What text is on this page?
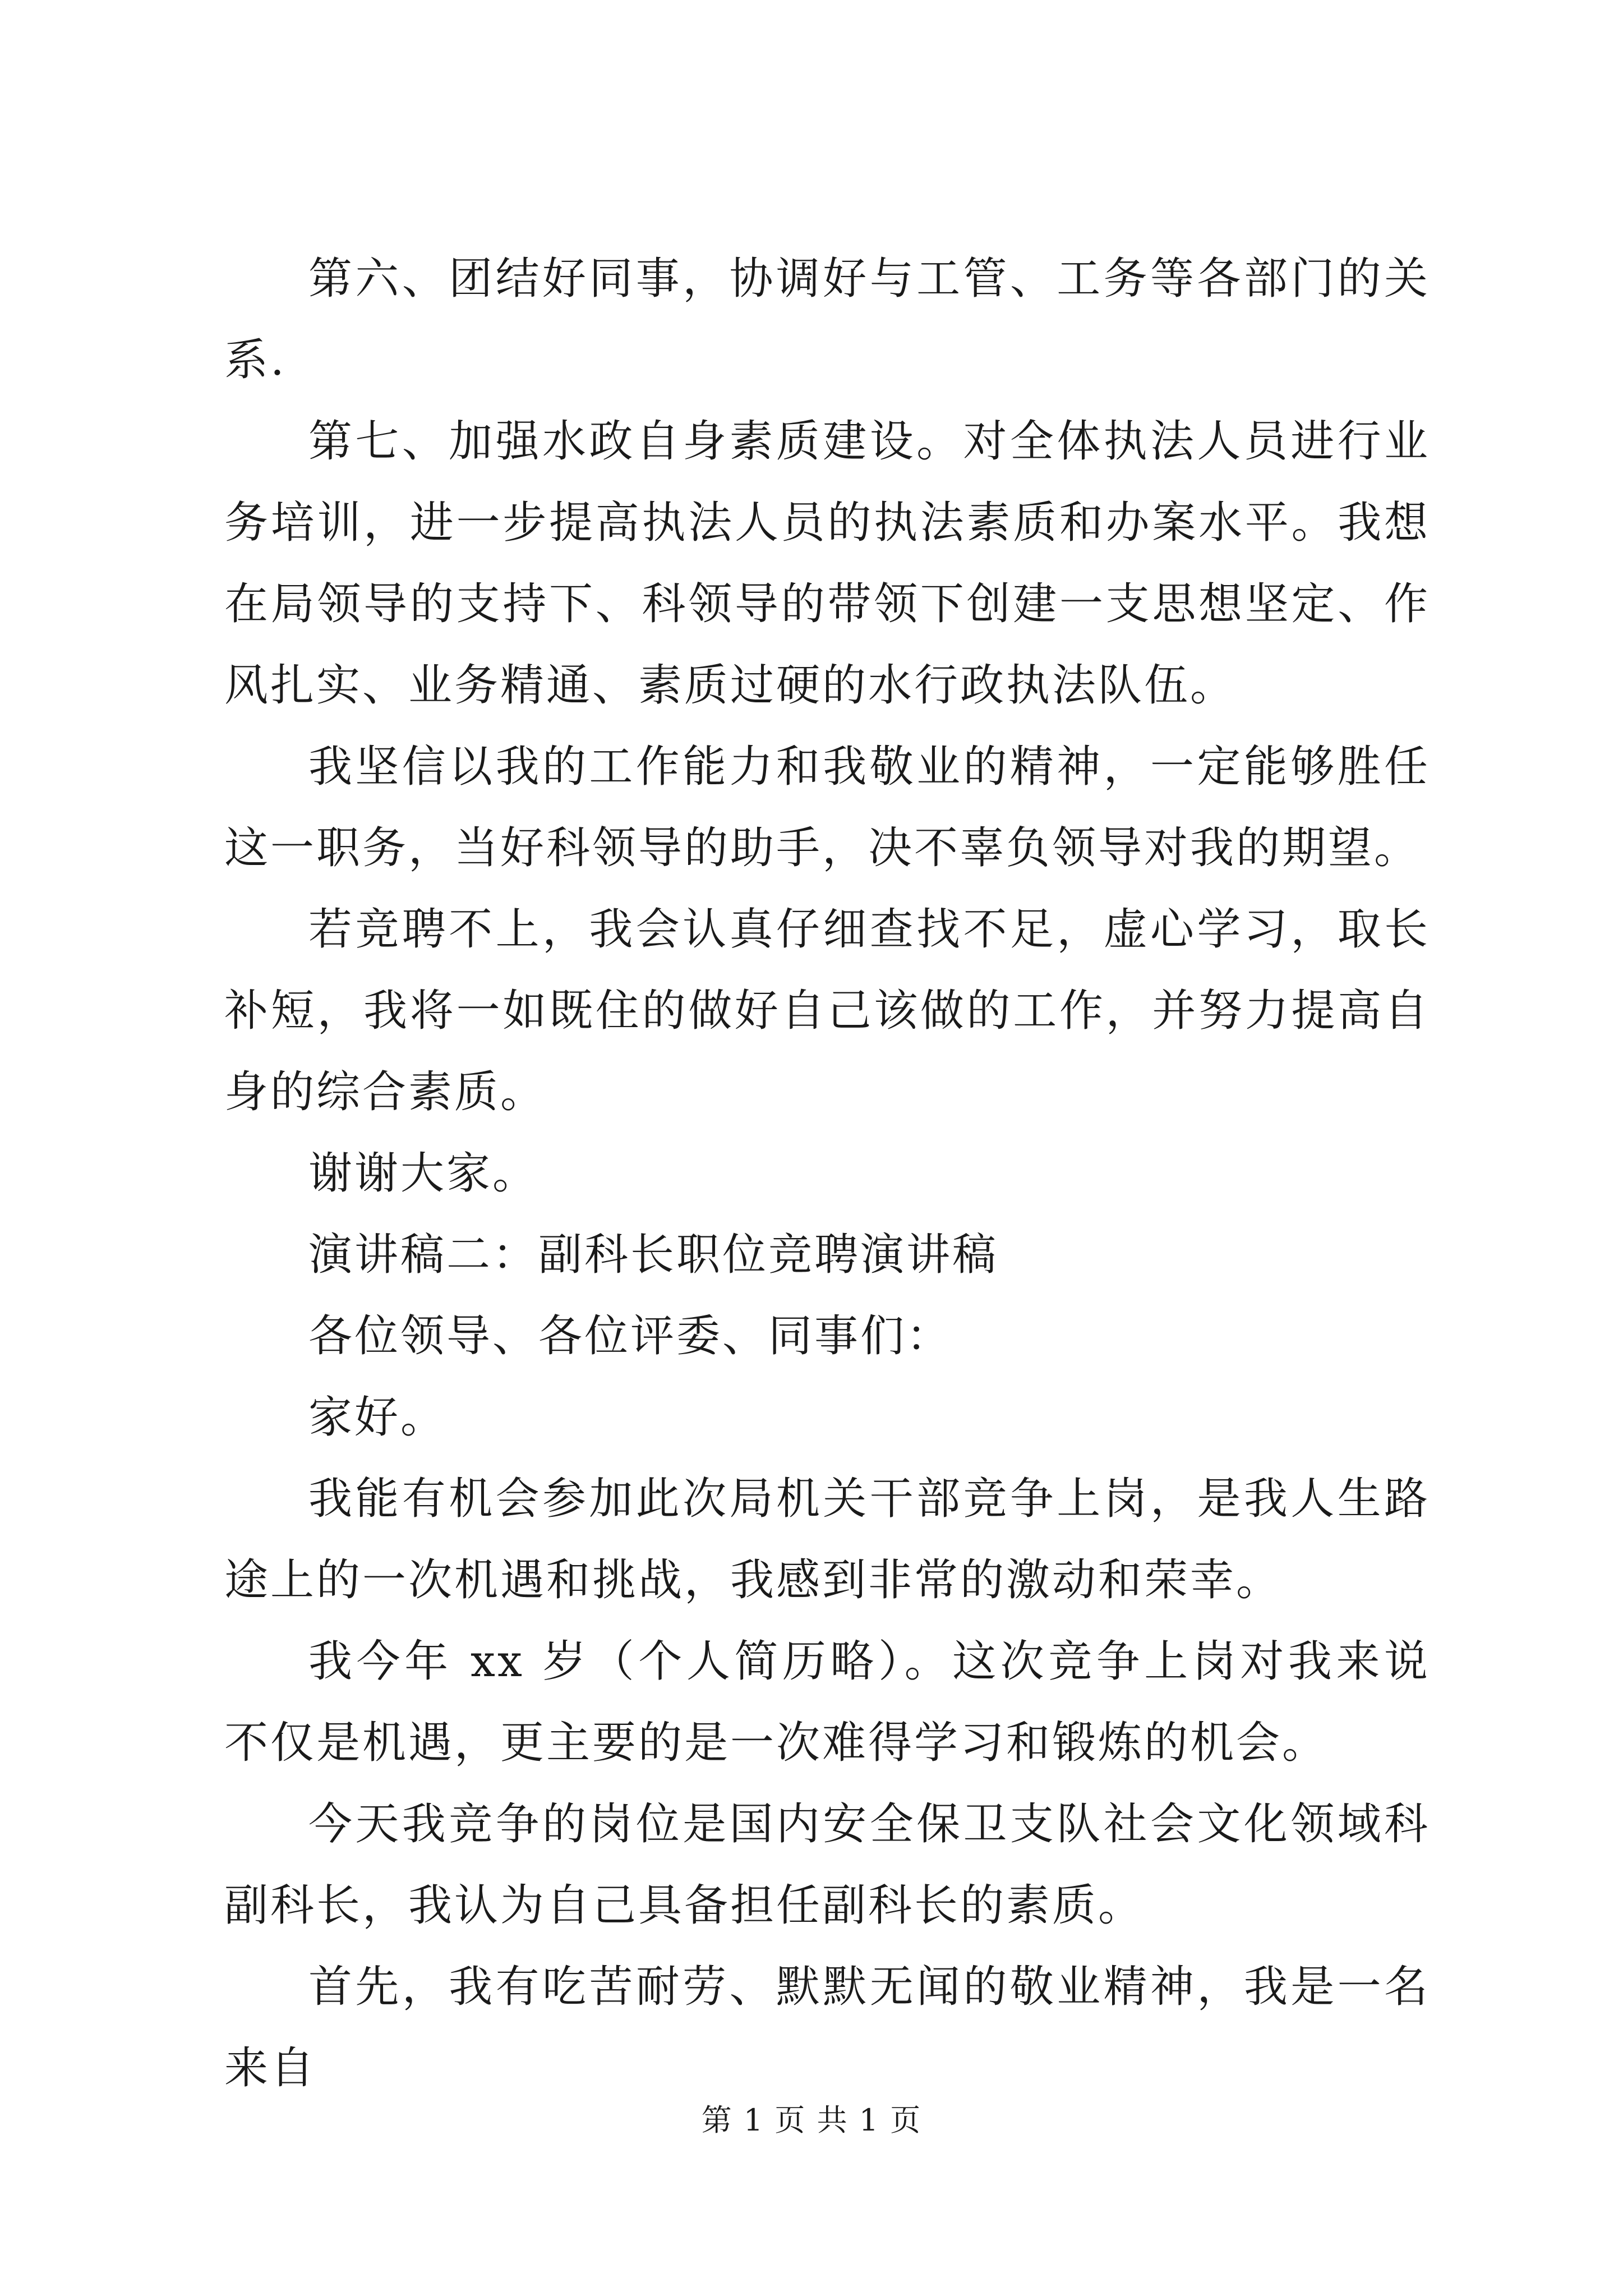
第六、团结好同事，协调好与工管、工务等各部门的关系.

第七、加强水政自身素质建设。对全体执法人员进行业务培训，进一步提高执法人员的执法素质和办案水平。我想在局领导的支持下、科领导的带领下创建一支思想坚定、作风扎实、业务精通、素质过硬的水行政执法队伍。

我坚信以我的工作能力和我敬业的精神，一定能够胜任这一职务，当好科领导的助手，决不辜负领导对我的期望。

若竞聘不上，我会认真仔细查找不足，虚心学习，取长补短，我将一如既住的做好自己该做的工作，并努力提高自身的综合素质。

谢谢大家。

演讲稿二：副科长职位竞聘演讲稿

各位领导、各位评委、同事们：

家好。

我能有机会参加此次局机关干部竞争上岗，是我人生路途上的一次机遇和挑战，我感到非常的激动和荣幸。

我今年 xx 岁（个人简历略）。这次竞争上岗对我来说不仅是机遇，更主要的是一次难得学习和锻炼的机会。

今天我竞争的岗位是国内安全保卫支队社会文化领域科副科长，我认为自己具备担任副科长的素质。

首先，我有吃苦耐劳、默默无闻的敬业精神，我是一名来自

第 1 页 共 1 页
